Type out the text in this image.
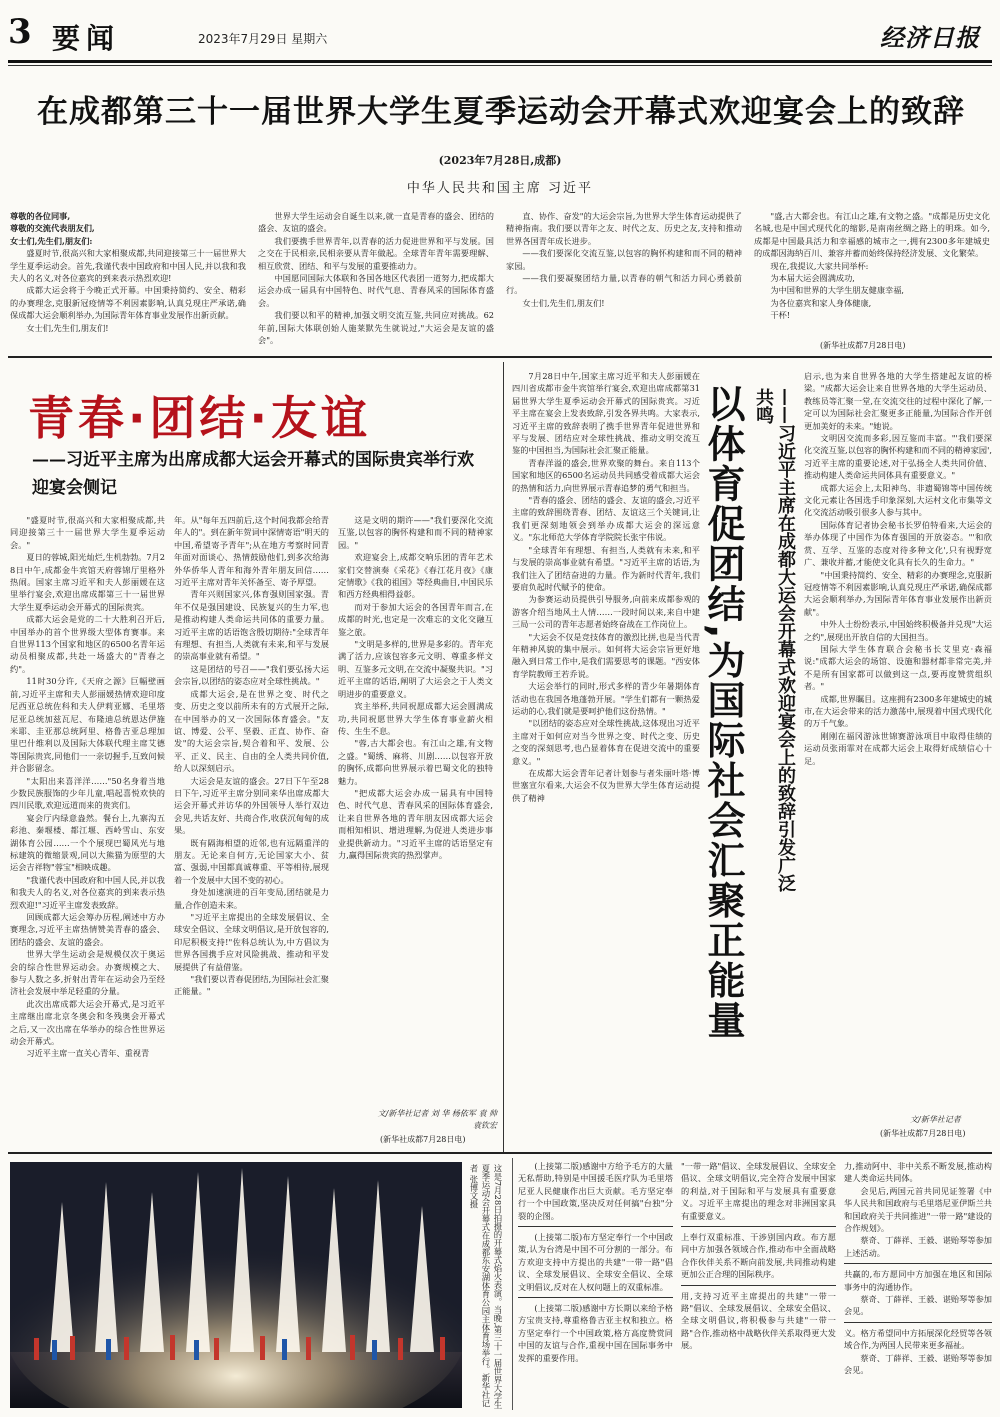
3 要闻	2023年7月29日 星期六	经济日报
在成都第三十一届世界大学生夏季运动会开幕式欢迎宴会上的致辞
(2023年7月28日,成都)
中华人民共和国主席 习近平

尊敬的各位同事,

尊敬的交流代表朋友们,

女士们,先生们,朋友们:

盛夏时节,很高兴和大家相聚成都,共同迎接第三十一届世界大学生夏季运动会。首先,我谨代表中国政府和中国人民,并以我和我夫人的名义,对各位嘉宾的到来表示热烈欢迎!

成都大运会将于今晚正式开幕。中国秉持简约、安全、精彩的办赛理念,克服新冠疫情等不利因素影响,认真兑现庄严承诺,确保成都大运会顺利举办,为国际青年体育事业发展作出新贡献。

女士们,先生们,朋友们!

世界大学生运动会自诞生以来,就一直是青春的盛会、团结的盛会、友谊的盛会。

我们要携手世界青年,以青春的活力促进世界和平与发展。国之交在于民相亲,民相亲要从青年做起。全球青年青年需要理解、相互欣赏、团结、和平与发展的重要推动力。

中国愿同国际大体联和各国各地区代表团一道努力,把成都大运会办成一届具有中国特色、时代气息、青春风采的国际体育盛会。

我们要以和平的精神,加强文明交流互鉴,共同应对挑战。62年前,国际大体联创始人施莱默先生就说过,"大运会是友谊的盛会"。

直、协作、奋发"的大运会宗旨,为世界大学生体育运动提供了精神指南。我们要以青年之友、时代之友、历史之友,支持和推动世界各国青年成长进步。

——我们要深化交流互鉴,以包容的胸怀构建和而不同的精神家园。

——我们要凝聚团结力量,以青春的朝气和活力同心勇毅前行。

女士们,先生们,朋友们!

"盛,古大都会也。有江山之雄,有文物之盛。"成都是历史文化名城,也是中国式现代化的缩影,是南南丝绸之路上的明珠。如今,成都是中国最具活力和幸福感的城市之一,拥有2300多年建城史的成都因海纳百川、兼容并蓄而始终保持经济发展、文化繁荣。

现在,我提议,大家共同举杯:

为本届大运会圆满成功,

为中国和世界的大学生朋友健康幸福,

为各位嘉宾和家人身体健康,

干杯!

(新华社成都7月28日电)
青春·团结·友谊
——习近平主席为出席成都大运会开幕式的国际贵宾举行欢迎宴会侧记

"盛夏时节,很高兴和大家相聚成都,共同迎接第三十一届世界大学生夏季运动会。"

夏日的蓉城,阳光灿烂,生机勃勃。7月28日中午,成都金牛宾馆天府蓉锦厅里格外热闹。国家主席习近平和夫人彭丽媛在这里举行宴会,欢迎出席成都第三十一届世界大学生夏季运动会开幕式的国际贵宾。

成都大运会是党的二十大胜利召开后,中国举办的首个世界级大型体育赛事。来自世界113个国家和地区的6500名青年运动员相聚成都,共赴一场盛大的"青春之约"。

11时30分许,《天府之源》巨幅壁画前,习近平主席和夫人彭丽媛热情欢迎印度尼西亚总统佐科和夫人伊莉亚娜、毛里塔尼亚总统加兹瓦尼、布隆迪总统恩达伊施米耶、圭亚那总统阿里、格鲁吉亚总理加里巴什维利以及国际大体联代理主席艾德等国际贵宾,同他们一一亲切握手,互致问候并合影留念。

"太阳出来喜洋洋……"50名身着当地少数民族服饰的少年儿童,唱起喜悦欢快的四川民歌,欢迎远道而来的贵宾们。

宴会厅内绿意盎然。餐台上,九寨沟五彩池、秦堰楼、都江堰、西岭雪山、东安湖体育公园……一个个展现巴蜀风光与地标建筑的微缩景观,同以大熊猫为原型的大运会吉祥物"蓉宝"相映成趣。

"我谨代表中国政府和中国人民,并以我和我夫人的名义,对各位嘉宾的到来表示热烈欢迎!"习近平主席发表致辞。

回顾成都大运会筹办历程,阐述中方办赛理念,习近平主席热情赞美青春的盛会、团结的盛会、友谊的盛会。

世界大学生运动会是规模仅次于奥运会的综合性世界运动会。办赛规模之大、参与人数之多,折射出青年在运动会乃至经济社会发展中举足轻重的分量。

此次出席成都大运会开幕式,是习近平主席继出席北京冬奥会和冬残奥会开幕式之后,又一次出席在华举办的综合性世界运动会开幕式。

习近平主席一直关心青年、重视青

年。从"每年五四前后,这个时间我都会给青年人的"。到在新年贺词中深情寄语"明天的中国,希望寄予青年";从在地方考察时同青年面对面谈心、热情鼓励他们,到多次给海外华侨华人青年和海外青年朋友回信……习近平主席对青年关怀备至、寄予厚望。

青年兴则国家兴,体育强则国家强。青年不仅是强国建设、民族复兴的生力军,也是推动构建人类命运共同体的重要力量。习近平主席的话语饱含殷切期待:"全球青年有理想、有担当,人类就有未来,和平与发展的崇高事业就有希望。"

这是团结的号召——"我们要弘扬大运会宗旨,以团结的姿态应对全球性挑战。"

成都大运会,是在世界之变、时代之变、历史之变以前所未有的方式展开之际,在中国举办的又一次国际体育盛会。"友谊、博爱、公平、坚毅、正直、协作、奋发"的大运会宗旨,契合着和平、发展、公平、正义、民主、自由的全人类共同价值,给人以深刻启示。

大运会是友谊的盛会。27日下午至28日下午,习近平主席分别同来华出席成都大运会开幕式并访华的外国领导人举行双边会见,共话友好、共商合作,收获沉甸甸的成果。

既有隔海相望的近邻,也有远隔重洋的朋友。无论来自何方,无论国家大小、贫富、强弱,中国都真诚尊重、平等相待,展现着一个发展中大国不变的初心。

身处加速演进的百年变局,团结就是力量,合作创造未来。

"习近平主席提出的全球发展倡议、全球安全倡议、全球文明倡议,是开放包容的,印尼积极支持!"佐科总统认为,中方倡议为世界各国携手应对风险挑战、推动和平发展提供了有益借鉴。

"我们要以青春促团结,为国际社会汇聚正能量。"

这是文明的期许——"我们要深化交流互鉴,以包容的胸怀构建和而不同的精神家园。"

欢迎宴会上,成都交响乐团的青年艺术家们交替演奏《采花》《春江花月夜》《康定情歌》《我的祖国》等经典曲目,中国民乐和西方经典相得益彰。

而对于参加大运会的各国青年而言,在成都的时光,也定是一次难忘的文化交融互鉴之旅。

"文明是多样的,世界是多彩的。青年充满了活力,应该包容多元文明、尊重多样文明、互鉴多元文明,在交流中凝聚共识。"习近平主席的话语,阐明了大运会之于人类文明进步的重要意义。

宾主举杯,共同祝愿成都大运会圆满成功,共同祝愿世界大学生体育事业薪火相传、生生不息。

"蓉,古大都会也。有江山之雄,有文物之盛。"蜀绣、麻将、川剧……以包容开放的胸怀,成都向世界展示着巴蜀文化的独特魅力。

"把成都大运会办成一届具有中国特色、时代气息、青春风采的国际体育盛会,让来自世界各地的青年朋友因成都大运会而相知相识、增进理解,为促进人类进步事业提供新动力。"习近平主席的话语坚定有力,赢得国际贵宾的热烈掌声。

文/新华社记者 刘 华 杨依军 袁 帅 袁钦宏
(新华社成都7月28日电)

7月28日中午,国家主席习近平和夫人彭丽媛在四川省成都市金牛宾馆举行宴会,欢迎出席成都第31届世界大学生夏季运动会开幕式的国际贵宾。习近平主席在宴会上发表致辞,引发各界共鸣。大家表示,习近平主席的致辞表明了携手世界青年促进世界和平与发展、团结应对全球性挑战、推动文明交流互鉴的中国担当,为国际社会汇聚正能量。

青春洋溢的盛会,世界欢聚的舞台。来自113个国家和地区的6500名运动员共同感受着成都大运会的热情和活力,向世界展示青春追梦的勇气和担当。

"青春的盛会、团结的盛会、友谊的盛会,习近平主席的致辞围绕青春、团结、友谊这三个关键词,让我们更深刻地领会到举办成都大运会的深远意义。"东北师范大学体育学院院长张宇伟说。

"全球青年有理想、有担当,人类就有未来,和平与发展的崇高事业就有希望。"习近平主席的话语,为我们注入了团结奋进的力量。作为新时代青年,我们要肩负起时代赋予的使命。

为参赛运动员提供引导服务,向前来成都参观的游客介绍当地风土人情……一段时间以来,来自中建三局一公司的青年志愿者始终奋战在工作岗位上。

"大运会不仅是竞技体育的激烈比拼,也是当代青年精神风貌的集中展示。如何将大运会宗旨更好地融入到日常工作中,是我们需要思考的课题。"西安体育学院教师王若乔说。

大运会举行的同时,形式多样的青少年暑期体育活动也在我国各地蓬勃开展。"学生们都有一颗热爱运动的心,我们就是要呵护他们这份热情。"

"以团结的姿态应对全球性挑战,这体现出习近平主席对于如何应对当今世界之变、时代之变、历史之变的深刻思考,也凸显着体育在促进交流中的重要意义。"

在成都大运会青年记者计划参与者朱丽叶塔·博世塞宣尔看来,大运会不仅为世界大学生体育运动提供了精神	以体育促团结,为国际社会汇聚正能量	——习近平主席在成都大运会开幕式欢迎宴会上的致辞引发广泛共鸣

启示,也为来自世界各地的大学生搭建起友谊的桥梁。"成都大运会让来自世界各地的大学生运动员、教练员等汇聚一堂,在交流交往的过程中深化了解,一定可以为国际社会汇聚更多正能量,为国际合作开创更加美好的未来。"她说。

文明因交流而多彩,因互鉴而丰富。"'我们要深化交流互鉴,以包容的胸怀构建和而不同的精神家园',习近平主席的重要论述,对于弘扬全人类共同价值、推动构建人类命运共同体具有重要意义。"

成都大运会上,太阳神鸟、非遗蜀锦等中国传统文化元素让各国选手印象深刻,大运村文化市集等文化交流活动吸引很多人参与其中。

国际体育记者协会秘书长罗伯特看来,大运会的举办体现了中国作为体育强国的开放姿态。"'和欣赏、互学、互鉴的态度对待多种文化',只有视野宽广、兼收并蓄,才能使文化具有长久的生命力。"

"中国秉持简约、安全、精彩的办赛理念,克服新冠疫情等不利因素影响,认真兑现庄严承诺,确保成都大运会顺利举办,为国际青年体育事业发展作出新贡献"。

中外人士纷纷表示,中国始终积极备并兑现"大运之约",展现出开放自信的大国担当。

国际大学生体育联合会秘书长艾里克·森福说:"成都大运会的场馆、设施和器材都非常完美,并不是所有国家都可以做到这一点,要再度赞赏组织者。"

成都,世界瞩目。这座拥有2300多年建城史的城市,在大运会带来的活力激荡中,展现着中国式现代化的万千气象。

刚刚在福冈游泳世锦赛游泳项目中取得佳绩的运动员张雨霏对在成都大运会上取得好成绩信心十足。

文/新华社记者
(新华社成都7月28日电)
这是7月28日拍摄的开幕式焰火表演。当晚,第三十一届世界大学生夏季运动会开幕式在成都东安湖体育公园主体育场举行。新华社记者 张博文摄	(上接第二版)感谢中方给予毛方的大量无私帮助,特别是中国援毛医疗队为毛里塔尼亚人民健康作出巨大贡献。毛方坚定奉行一个中国政策,坚决反对任何搞"台独"分裂的企图。

(上接第二版)布方坚定奉行一个中国政策,认为台湾是中国不可分割的一部分。布方欢迎支持中方提出的共建"一带一路"倡议、全球发展倡议、全球安全倡议、全球文明倡议,反对在人权问题上的双重标准。

(上接第二版)感谢中方长期以来给予格方宝贵支持,尊重格鲁吉亚主权和独立。格方坚定奉行一个中国政策,格方高度赞赏同中国的友谊与合作,重视中国在国际事务中发挥的重要作用。

"一带一路"倡议、全球发展倡议、全球安全倡议、全球文明倡议,完全符合发展中国家的利益,对于国际和平与发展具有重要意义。习近平主席提出的理念对非洲国家具有重要意义。

上奉行双重标准、干涉别国内政。布方愿同中方加强各领域合作,推动布中全面战略合作伙伴关系不断向前发展,共同推动构建更加公正合理的国际秩序。

用,支持习近平主席提出的共建"一带一路"倡议、全球发展倡议、全球安全倡议、全球文明倡议,将积极参与共建"一带一路"合作,推动格中战略伙伴关系取得更大发展。

力,推动阿中、非中关系不断发展,推动构建人类命运共同体。

会见后,两国元首共同见证签署《中华人民共和国政府与毛里塔尼亚伊斯兰共和国政府关于共同推进"一带一路"建设的合作规划》。

蔡奇、丁薛祥、王毅、谌贻琴等参加上述活动。

共赢的,布方愿同中方加强在地区和国际事务中的沟通协作。

蔡奇、丁薛祥、王毅、谌贻琴等参加会见。

义。格方希望同中方拓展深化经贸等各领域合作,为两国人民带来更多福祉。

蔡奇、丁薛祥、王毅、谌贻琴等参加会见。
